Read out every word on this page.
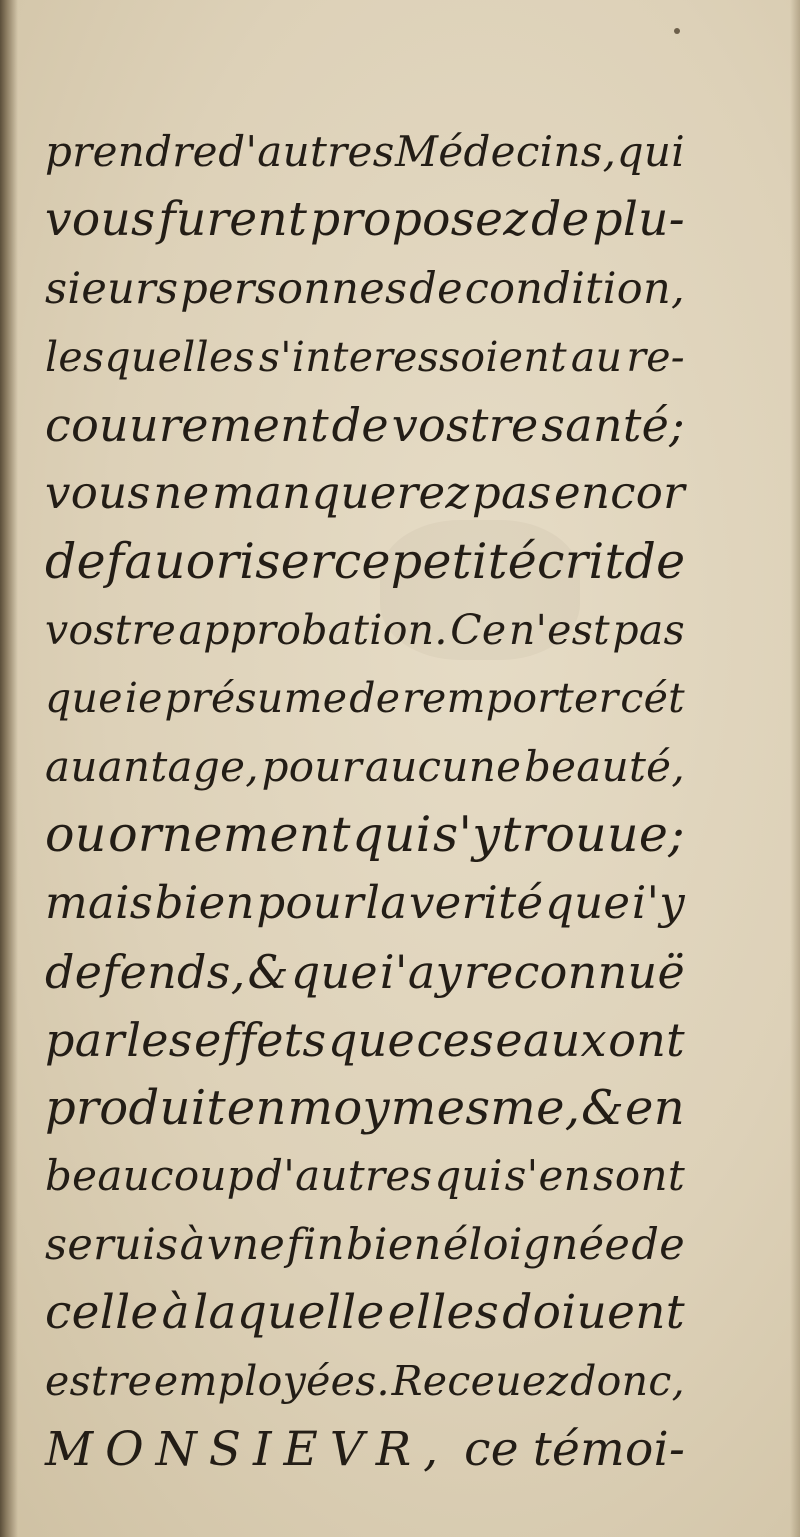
prendre d'autres Médecins, qui
vous furent proposez de plu-
sieurs personnes de condition,
lesquelles s'interessoient au re-
couurement de vostre santé;
vous ne manquerez pas encor
de fauoriser ce petit écrit de
vostre approbation. Ce n'est pas
que ie présume de remporter cét
auantage, pour aucune beauté,
ou ornement qui s'y trouue;
mais bien pour la verité que i'y
defends, & que i'ay reconnuë
par les effets que ces eaux ont
produit en moy mesme, & en
beaucoup d'autres qui s'en sont
seruis à vne fin bien éloignée de
celle à laquelle elles doiuent
estre employées. Receuez donc,
MONSIEVR, ce témoi-
